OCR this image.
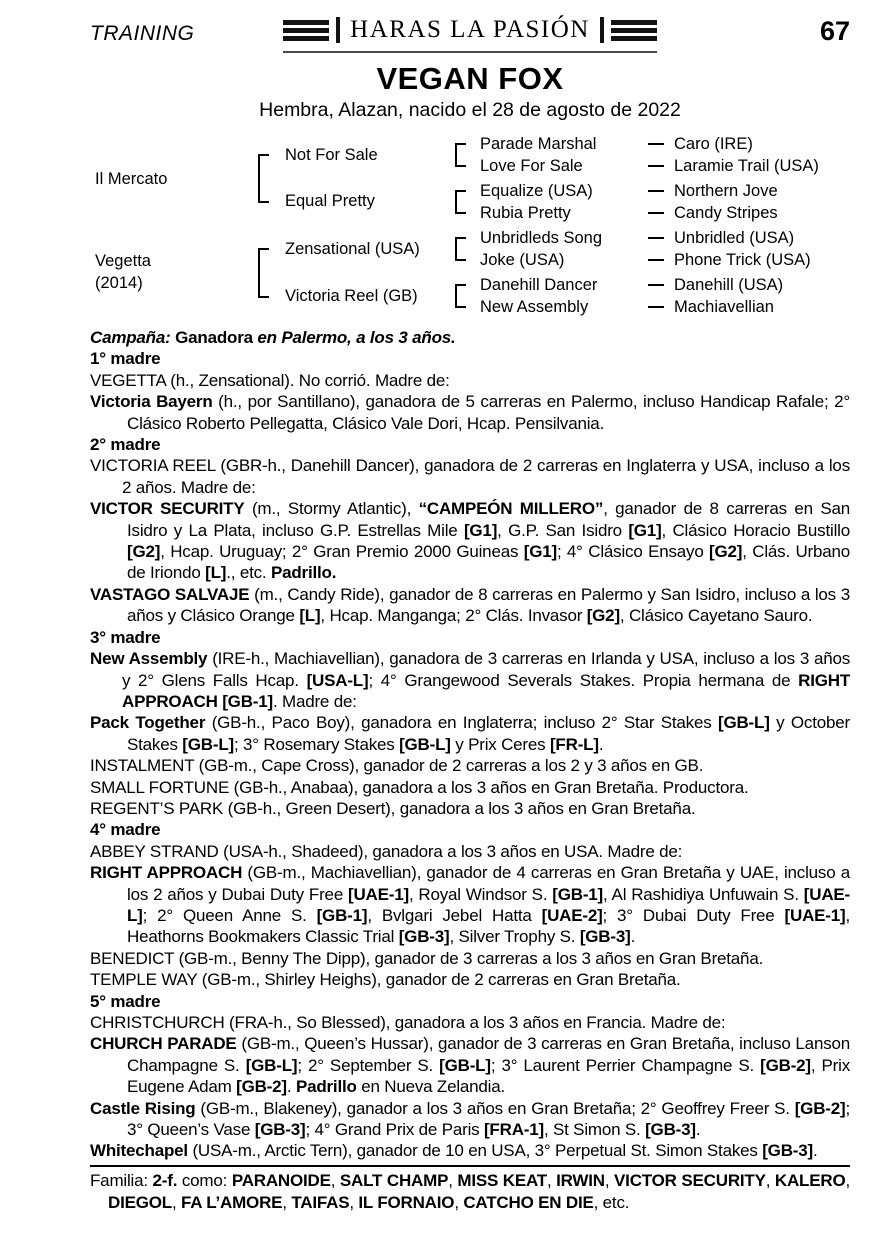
TRAINING	HARAS LA PASIÓN	67
VEGAN FOX
Hembra, Alazan, nacido el 28 de agosto de 2022
Il Mercato
Vegetta
(2014)
Not For Sale
Equal Pretty
Zensational (USA)
Victoria Reel (GB)
Parade Marshal
Love For Sale
Equalize (USA)
Rubia Pretty
Unbridleds Song
Joke (USA)
Danehill Dancer
New Assembly
Caro (IRE)
Laramie Trail (USA)
Northern Jove
Candy Stripes
Unbridled (USA)
Phone Trick (USA)
Danehill (USA)
Machiavellian

Campaña: Ganadora en Palermo, a los 3 años.

1° madre

VEGETTA (h., Zensational). No corrió. Madre de:

Victoria Bayern (h., por Santillano), ganadora de 5 carreras en Palermo, incluso Handicap Rafale; 2° Clásico Roberto Pellegatta, Clásico Vale Dori, Hcap. Pensilvania.

2° madre

VICTORIA REEL (GBR-h., Danehill Dancer), ganadora de 2 carreras en Inglaterra y USA, incluso a los 2 años. Madre de:

VICTOR SECURITY (m., Stormy Atlantic), “CAMPEÓN MILLERO”, ganador de 8 carreras en San Isidro y La Plata, incluso G.P. Estrellas Mile [G1], G.P. San Isidro [G1], Clásico Horacio Bustillo [G2], Hcap. Uruguay; 2° Gran Premio 2000 Guineas [G1]; 4° Clásico Ensayo [G2], Clás. Urbano de Iriondo [L]., etc. Padrillo.

VASTAGO SALVAJE (m., Candy Ride), ganador de 8 carreras en Palermo y San Isidro, incluso a los 3 años y Clásico Orange [L], Hcap. Manganga; 2° Clás. Invasor [G2], Clásico Cayetano Sauro.

3° madre

New Assembly (IRE-h., Machiavellian), ganadora de 3 carreras en Irlanda y USA, incluso a los 3 años y 2° Glens Falls Hcap. [USA-L]; 4° Grangewood Severals Stakes. Propia hermana de RIGHT APPROACH [GB-1]. Madre de:

Pack Together (GB-h., Paco Boy), ganadora en Inglaterra; incluso 2° Star Stakes [GB-L] y October Stakes [GB-L]; 3° Rosemary Stakes [GB-L] y Prix Ceres [FR-L].

INSTALMENT (GB-m., Cape Cross), ganador de 2 carreras a los 2 y 3 años en GB.

SMALL FORTUNE (GB-h., Anabaa), ganadora a los 3 años en Gran Bretaña. Productora.

REGENT’S PARK (GB-h., Green Desert), ganadora a los 3 años en Gran Bretaña.

4° madre

ABBEY STRAND (USA-h., Shadeed), ganadora a los 3 años en USA. Madre de:

RIGHT APPROACH (GB-m., Machiavellian), ganador de 4 carreras en Gran Bretaña y UAE, incluso a los 2 años y Dubai Duty Free [UAE-1], Royal Windsor S. [GB-1], Al Rashidiya Unfuwain S. [UAE-L]; 2° Queen Anne S. [GB-1], Bvlgari Jebel Hatta [UAE-2]; 3° Dubai Duty Free [UAE-1], Heathorns Bookmakers Classic Trial [GB-3], Silver Trophy S. [GB-3].

BENEDICT (GB-m., Benny The Dipp), ganador de 3 carreras a los 3 años en Gran Bretaña.

TEMPLE WAY (GB-m., Shirley Heighs), ganador de 2 carreras en Gran Bretaña.

5° madre

CHRISTCHURCH (FRA-h., So Blessed), ganadora a los 3 años en Francia. Madre de:

CHURCH PARADE (GB-m., Queen’s Hussar), ganador de 3 carreras en Gran Bretaña, incluso Lanson Champagne S. [GB-L]; 2° September S. [GB-L]; 3° Laurent Perrier Champagne S. [GB-2], Prix Eugene Adam [GB-2]. Padrillo en Nueva Zelandia.

Castle Rising (GB-m., Blakeney), ganador a los 3 años en Gran Bretaña; 2° Geoffrey Freer S. [GB-2]; 3° Queen’s Vase [GB-3]; 4° Grand Prix de Paris [FRA-1], St Simon S. [GB-3].

Whitechapel (USA-m., Arctic Tern), ganador de 10 en USA, 3° Perpetual St. Simon Stakes [GB-3].

Familia: 2-f. como: PARANOIDE, SALT CHAMP, MISS KEAT, IRWIN, VICTOR SECURITY, KALERO, DIEGOL, FA L’AMORE, TAIFAS, IL FORNAIO, CATCHO EN DIE, etc.
